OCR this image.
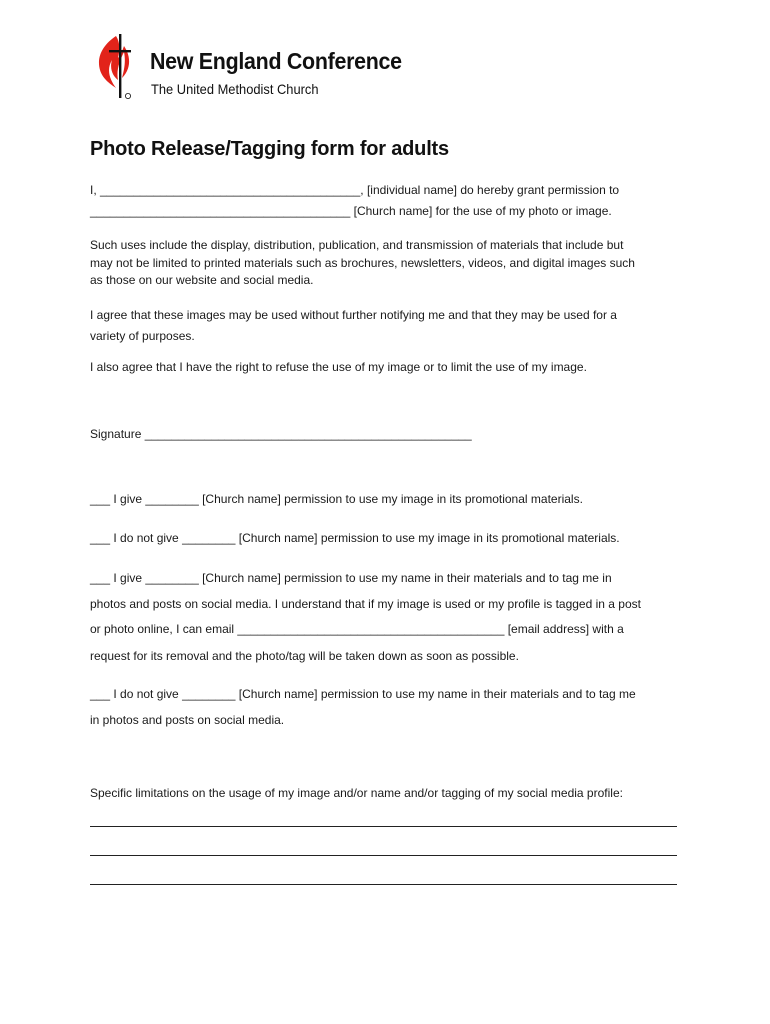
New England Conference
The United Methodist Church
Photo Release/Tagging form for adults
I, _______________________________________, [individual name] do hereby grant permission to
_______________________________________ [Church name] for the use of my photo or image.
Such uses include the display, distribution, publication, and transmission of materials that include but
may not be limited to printed materials such as brochures, newsletters, videos, and digital images such
as those on our website and social media.
I agree that these images may be used without further notifying me and that they may be used for a
variety of purposes.
I also agree that I have the right to refuse the use of my image or to limit the use of my image.
Signature _________________________________________________
___ I give ________ [Church name] permission to use my image in its promotional materials.
___ I do not give ________ [Church name] permission to use my image in its promotional materials.
___ I give ________ [Church name] permission to use my name in their materials and to tag me in
photos and posts on social media. I understand that if my image is used or my profile is tagged in a post
or photo online, I can email ________________________________________ [email address] with a
request for its removal and the photo/tag will be taken down as soon as possible.
___ I do not give ________ [Church name] permission to use my name in their materials and to tag me
in photos and posts on social media.
Specific limitations on the usage of my image and/or name and/or tagging of my social media profile:
